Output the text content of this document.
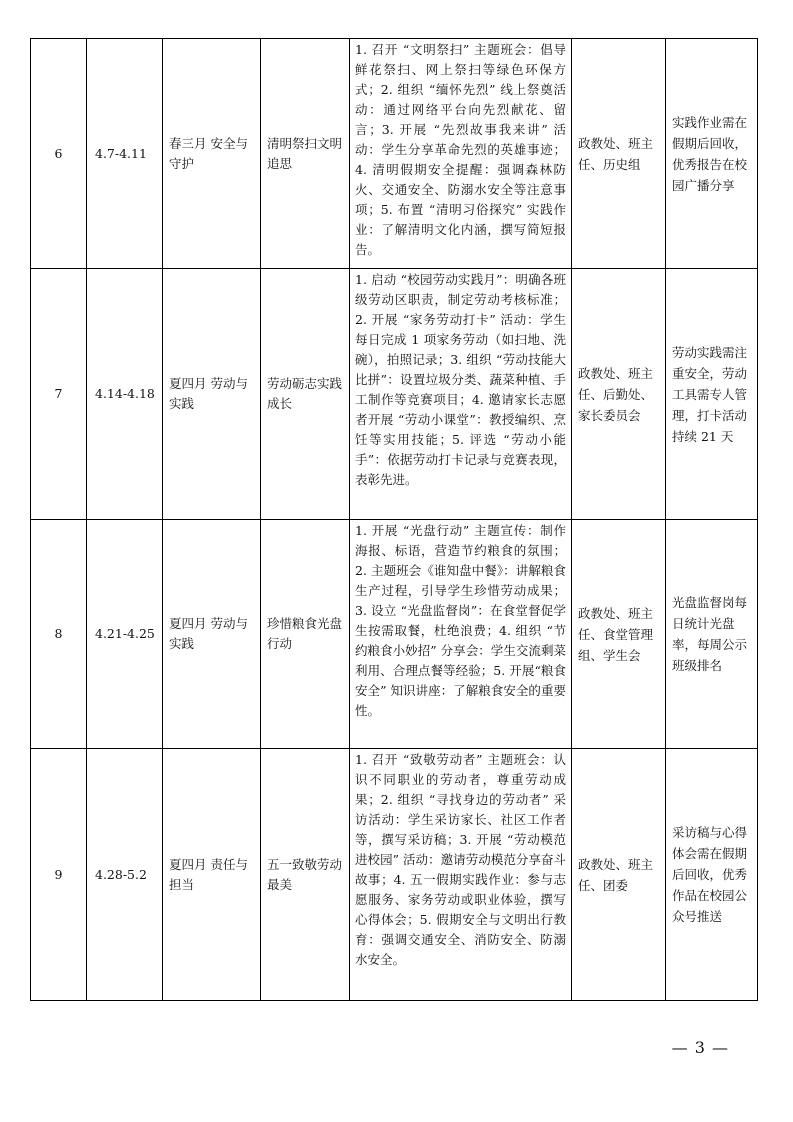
6	4.7-4.11	春三月 安全与守护	清明祭扫文明追思	1. 召开 “文明祭扫” 主题班会：倡导鲜花祭扫、网上祭扫等绿色环保方式；2. 组织 “缅怀先烈” 线上祭奠活动：通过网络平台向先烈献花、留言；3. 开展 “先烈故事我来讲” 活动：学生分享革命先烈的英雄事迹；4. 清明假期安全提醒：强调森林防火、交通安全、防溺水安全等注意事项；5. 布置 “清明习俗探究” 实践作业：了解清明文化内涵，撰写简短报告。	政教处、班主任、历史组	实践作业需在假期后回收，优秀报告在校园广播分享
7	4.14-4.18	夏四月 劳动与实践	劳动砺志实践成长	1. 启动 “校园劳动实践月”：明确各班级劳动区职责，制定劳动考核标准；2. 开展 “家务劳动打卡” 活动：学生每日完成 1 项家务劳动（如扫地、洗碗），拍照记录；3. 组织 “劳动技能大比拼”：设置垃圾分类、蔬菜种植、手工制作等竞赛项目；4. 邀请家长志愿者开展 “劳动小课堂”：教授编织、烹饪等实用技能；5. 评选 “劳动小能手”：依据劳动打卡记录与竞赛表现，表彰先进。	政教处、班主任、后勤处、家长委员会	劳动实践需注重安全，劳动工具需专人管理，打卡活动持续 21 天
8	4.21-4.25	夏四月 劳动与实践	珍惜粮食光盘行动	1. 开展 “光盘行动” 主题宣传：制作海报、标语，营造节约粮食的氛围；2. 主题班会《谁知盘中餐》：讲解粮食生产过程，引导学生珍惜劳动成果；3. 设立 “光盘监督岗”：在食堂督促学生按需取餐，杜绝浪费；4. 组织 “节约粮食小妙招” 分享会：学生交流剩菜利用、合理点餐等经验；5. 开展“粮食安全” 知识讲座：了解粮食安全的重要性。	政教处、班主任、食堂管理组、学生会	光盘监督岗每日统计光盘率，每周公示班级排名
9	4.28-5.2	夏四月 责任与担当	五一致敬劳动最美	1. 召开 “致敬劳动者” 主题班会：认识不同职业的劳动者，尊重劳动成果；2. 组织 “寻找身边的劳动者” 采访活动：学生采访家长、社区工作者等，撰写采访稿；3. 开展 “劳动模范进校园” 活动：邀请劳动模范分享奋斗故事；4. 五一假期实践作业：参与志愿服务、家务劳动或职业体验，撰写心得体会；5. 假期安全与文明出行教育：强调交通安全、消防安全、防溺水安全。	政教处、班主任、团委	采访稿与心得体会需在假期后回收，优秀作品在校园公众号推送
— 3 —
